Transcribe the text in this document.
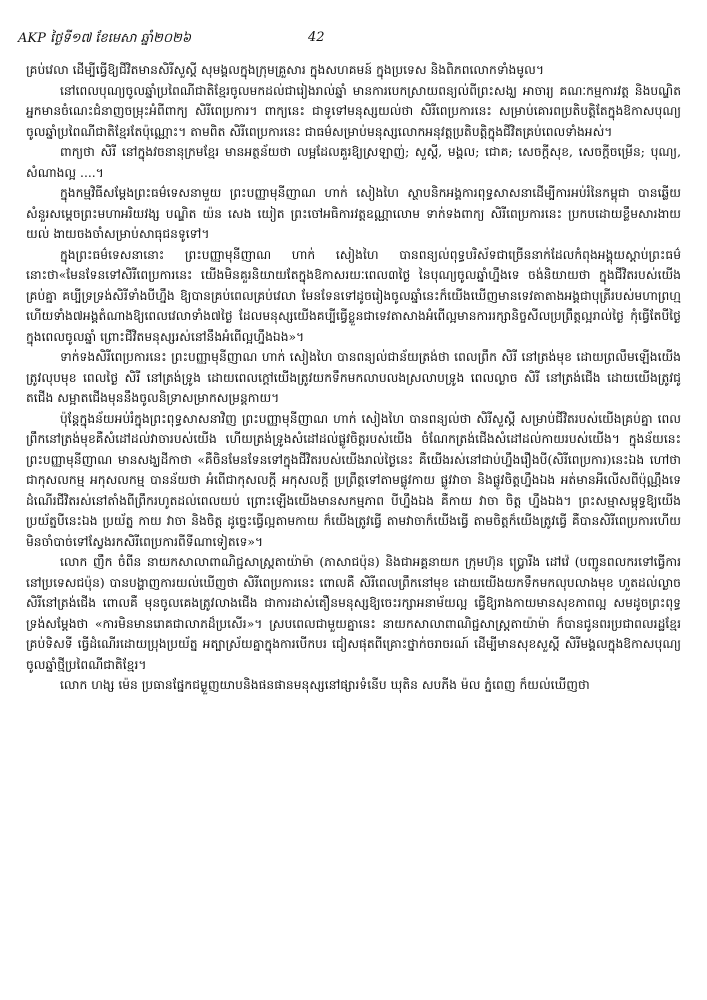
AKP ថ្ងៃទី១៧ ខែមេសា ឆ្នាំ២០២៦	42

គ្រប់វេលា ដើម្បីធ្វើឱ្យជីវិតមានសិរីសួស្តី សុមង្គលក្នុងក្រុមគ្រួសារ ក្នុងសហគមន៍ ក្នុងប្រទេស និងពិភពលោកទាំងមូល។

នៅពេលបុណ្យចូលឆ្នាំប្រពៃណីជាតិខ្មែរចូលមកដល់ជារៀងរាល់ឆ្នាំ មានការបេកស្រាយពន្យល់ពីព្រះសង្ឃ អាចារ្យ គណៈកម្មការវត្ត និងបណ្ឌិតអ្នកមានចំណេះជំនាញចម្រុះអំពីពាក្យ សិរីពេប្រការ។ ពាក្យនេះ ជាទូទៅមនុស្សយល់ថា សិរីពេប្រការនេះ សម្រាប់គោរពប្រតិបត្តិតែក្នុងឱកាសបុណ្យចូលឆ្នាំប្រពៃណីជាតិខ្មែរតែប៉ុណ្ណោះ។ តាមពិត សិរីពេប្រការនេះ ជាធម៌សម្រាប់មនុស្សលោកអនុវត្តប្រតិបត្តិក្នុងជីវិតគ្រប់ពេលទាំងអស់។

ពាក្យថា សិរី នៅក្នុងវចនានុក្រមខ្មែរ មានអត្ថន័យថា លម្អដែលគួរឱ្យស្រឡាញ់; សួស្តី, មង្គល; ជោគ; សេចក្តីសុខ, សេចក្តីចម្រើន; បុណ្យ, សំណាងល្អ ....។

ក្នុងកម្មវិធីសម្តែងព្រះធម៌ទេសនាមួយ ព្រះបញ្ញាមុនីញាណ ហាក់ សៀងហៃ ស្ថាបនិកអង្គការពុទ្ធសាសនាដើម្បីការអប់រំនៃកម្ពុជា បានឆ្លើយសំនួរសម្តេចព្រះមហាអរិយវង្ស បណ្ឌិត យ៉ន សេង យៀត ព្រះចៅអធិការវត្តឧណ្ណាលោម ទាក់ទងពាក្យ សិរីពេប្រការនេះ ប្រកបដោយខ្លឹមសារងាយយល់ ងាយចងចាំសម្រាប់សាធុជនទូទៅ។

ក្នុងព្រះធម៌ទេសនានោះ ព្រះបញ្ញាមុនីញាណ ហាក់ សៀងហៃ បានពន្យល់ពុទ្ធបរិស័ទជាច្រើននាក់ដែលកំពុងអង្គុយស្តាប់ព្រះធម៌នោះថា«មែនទែនទៅសិរីពេប្រការនេះ យើងមិនគួរនិយាយតែក្នុងឱកាសរយៈពេល៣ថ្ងៃ នៃបុណ្យចូលឆ្នាំហ្នឹងទេ ចង់និយាយថា ក្នុងជីវិតរបស់យើងគ្រប់គ្នា គប្បីទ្រទ្រង់សិរីទាំងបីហ្នឹង ឱ្យបានគ្រប់ពេលគ្រប់វេលា មែនទែនទៅដូចរៀងចូលឆ្នាំនេះក៏យើងឃើញមានទេវតាតាងអង្គជាបុត្រីរបស់មហាព្រហ្ម ហើយទាំង៧អង្គតំណាងឱ្យពេលវេលាទាំង៧ថ្ងៃ ដែលមនុស្សយើងគប្បីធ្វើខ្លួនជាទេវតាសាងអំពើល្អមានការរក្សានិច្ចសីលប្រព្រឹត្តល្អរាល់ថ្ងៃ កុំធ្វើតែបីថ្ងៃក្នុងពេលចូលឆ្នាំ ព្រោះជីវិតមនុស្សរស់នៅនឹងអំពើល្អហ្នឹងឯង»។

ទាក់ទងសិរីពេប្រការនេះ ព្រះបញ្ញាមុនីញាណ ហាក់ សៀងហៃ បានពន្យល់ជាន័យត្រង់ថា ពេលព្រឹក សិរី នៅត្រង់មុខ ដោយព្រលឹមឡើងយើងត្រូវលុបមុខ ពេលថ្ងៃ សិរី នៅត្រង់ទ្រូង ដោយពេលក្តៅយើងត្រូវយកទឹកមកលាបលងស្រលាបទ្រូង ពេលល្ងាច សិរី នៅត្រង់ជើង ដោយយើងត្រូវជូតជើង សម្អាតជើងមុននឹងចូលនិទ្រាសម្រាកសម្រន្តកាយ។

ប៉ុន្តែក្នុងន័យអប់រំក្នុងព្រះពុទ្ធសាសនាវិញ ព្រះបញ្ញាមុនីញាណ ហាក់ សៀងហៃ បានពន្យល់ថា សិរីសួស្តី សម្រាប់ជីវិតរបស់យើងគ្រប់គ្នា ពេលព្រឹកនៅត្រង់មុខគឺសំដៅដល់វាចារបស់យើង ហើយត្រង់ទ្រូងសំដៅដល់ផ្លូវចិត្តរបស់យើង ចំណែកត្រង់ជើងសំដៅដល់កាយរបស់យើង។ ក្នុងន័យនេះ ព្រះបញ្ញាមុនីញាណ មានសង្ឃដីកាថា «គឺចិនមែនទែនទៅក្នុងជីវិតរបស់យើងរាល់ថ្ងៃនេះ គឺយើងរស់នៅជាប់ហ្នឹងរឿងបី(សិរីពេប្រការ)នេះឯង ហៅថា ជាកុសលកម្ម អកុសលកម្ម បានន័យថា អំពើជាកុសលក្តី អកុសលក្តី ប្រព្រឹត្តទៅតាមផ្លូវកាយ ផ្លូវវាចា និងផ្លូវចិត្តហ្នឹងឯង អត់មានអីលើសពីប៉ុណ្ណឹងទេ ដំណើរជីវិតរស់នៅតាំងពីព្រឹករហូតដល់ពេលយប់ ព្រោះឡើងយើងមានសកម្មភាព បីហ្នឹងឯង គឺកាយ វាចា ចិត្ត ហ្នឹងឯង។ ព្រះសម្មាសម្ពុទ្ធឱ្យយើងប្រយ័ត្នបីនេះឯង ប្រយ័ត្ន កាយ វាចា និងចិត្ត ដូច្នេះធ្វើល្អតាមកាយ ក៏យើងត្រូវធ្វើ តាមវាចាក៏យើងធ្វើ តាមចិត្តក៏យើងត្រូវធ្វើ គឺបានសិរីពេប្រការហើយ មិនចាំបាច់ទៅស្វែងរកសិរីពេប្រការពីទីណាទៀតទេ»។

លោក ញឹក ចំពីន នាយកសាលាពាណិជ្ជសាស្ត្រតាយ៉ាម៉ា (ភាសាជប៉ុន) និងជាអគ្គនាយក ក្រុមហ៊ុន ប្រ្លោរីង ដៅវ៉េ (បញ្ជូនពលករទៅធ្វើការនៅប្រទេសជប៉ុន) បានបង្ហាញការយល់ឃើញថា សិរីពេប្រការនេះ ពោលគឺ សិរីពេលព្រឹកនៅមុខ ដោយយើងយកទឹកមកលុបលាងមុខ ហួតដល់ល្ងាច សិរីនៅត្រង់ជើង ពោលគឺ មុនចូលគេងត្រូវលាងជើង ជាការដាស់តឿនមនុស្សឱ្យចេះរក្សាអនាម័យល្អ ធ្វើឱ្យរាងកាយមានសុខភាពល្អ សមដូចព្រះពុទ្ធទ្រង់សម្តែងថា «ការមិនមានរោគជាលាភដ៏ប្រសើរ»។ ស្របពេលជាមួយគ្នានេះ នាយកសាលាពាណិជ្ជសាស្ត្រតាយ៉ាម៉ា ក៏បានជូនពរប្រជាពលរដ្ឋខ្មែរគ្រប់ទិសទី ធ្វើដំណើរដោយប្រុងប្រយ័ត្ន អត្បាស្រ័យគ្នាក្នុងការបើកបរ ជៀសផុតពីគ្រោះថ្នាក់ចរាចរណ៍ ដើម្បីមានសុខសួស្តី សិរីមង្គលក្នុងឱកាសបុណ្យចូលឆ្នាំថ្មីប្រពៃណីជាតិខ្មែរ។

លោក ហង្ស ម៉េន ប្រធានផ្នែកជម្ងួញយាបនិងផនផានមនុស្សនៅផ្សារទំនើប ឃុតិន សបភីង ម៉ល ភ្នំពេញ ក៏យល់ឃើញថា
